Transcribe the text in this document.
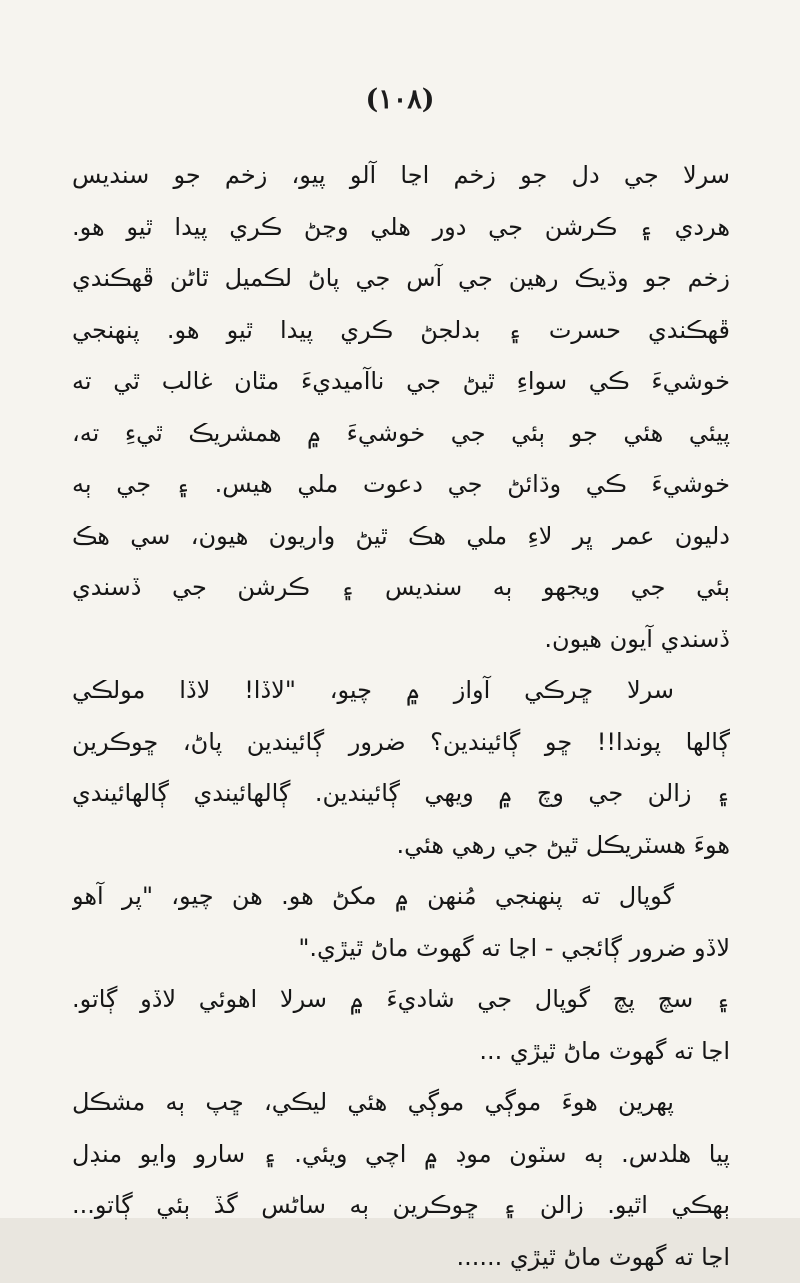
(١٠٨)
سرلا جي دل جو زخم اڃا آلو پيو، زخم جو سنديس
هردي ۽ ڪرشن جي دور هلي وڃڻ ڪري پيدا ٿيو هو.
زخم جو وڌيڪ رهين جي آس جي پاڻ لڪميل ٿاڻن ڦهڪندي
ڦهڪندي حسرت ۽ بدلجڻ ڪري پيدا ٿيو هو. پنهنجي
خوشيءَ ڪي سواءِ ٿيڻ جي ناآميديءَ مٿان غالب ٿي ته
پيئي هئي جو ٻئي جي خوشيءَ ۾ همشريڪ ٿيءِ ته،
خوشيءَ ڪي وڌائڻ جي دعوت ملي هيس. ۽ جي ٻه
دليون عمر ڀر لاءِ ملي هڪ ٿيڻ واريون هيون، سي هڪ
ٻئي جي ويجهو ٻه سنديس ۽ ڪرشن جي ڏسندي
ڏسندي آيون هيون.
سرلا ڇرڪي آواز ۾ چيو، "لاڏا! لاڏا مولڪي
ڳالها پوندا!! ڇو ڳائيندين؟ ضرور ڳائيندين پاڻ، ڇوڪرين
۽ زالن جي وچ ۾ ويهي ڳائيندين. ڳالهائيندي ڳالهائيندي
هوءَ هسٽريڪل ٿيڻ جي رهي هئي.
گوپال ته پنهنجي مُنهن ۾ مکڻ هو. هن چيو، "پر آهو
لاڏو ضرور ڳائجي - اڃا ته گهوٽ ماڻ ٿيڙي."
۽ سچ پچ گوپال جي شاديءَ ۾ سرلا اهوئي لاڏو ڳاتو.
اڃا ته گهوٽ ماڻ ٿيڙي ...
پهرين هوءَ موڳي موڳي هئي ليڪي، ڇپ ٻه مشڪل
پيا هلدس. ٻه سٽون موڊ ۾ اچي ويئي. ۽ سارو وايو منڊل
ٻهڪي اٿيو. زالن ۽ ڇوڪرين ٻه ساڻس گڏ ٻئي ڳاتو...
اڃا ته گهوٽ ماڻ ٿيڙي ......
